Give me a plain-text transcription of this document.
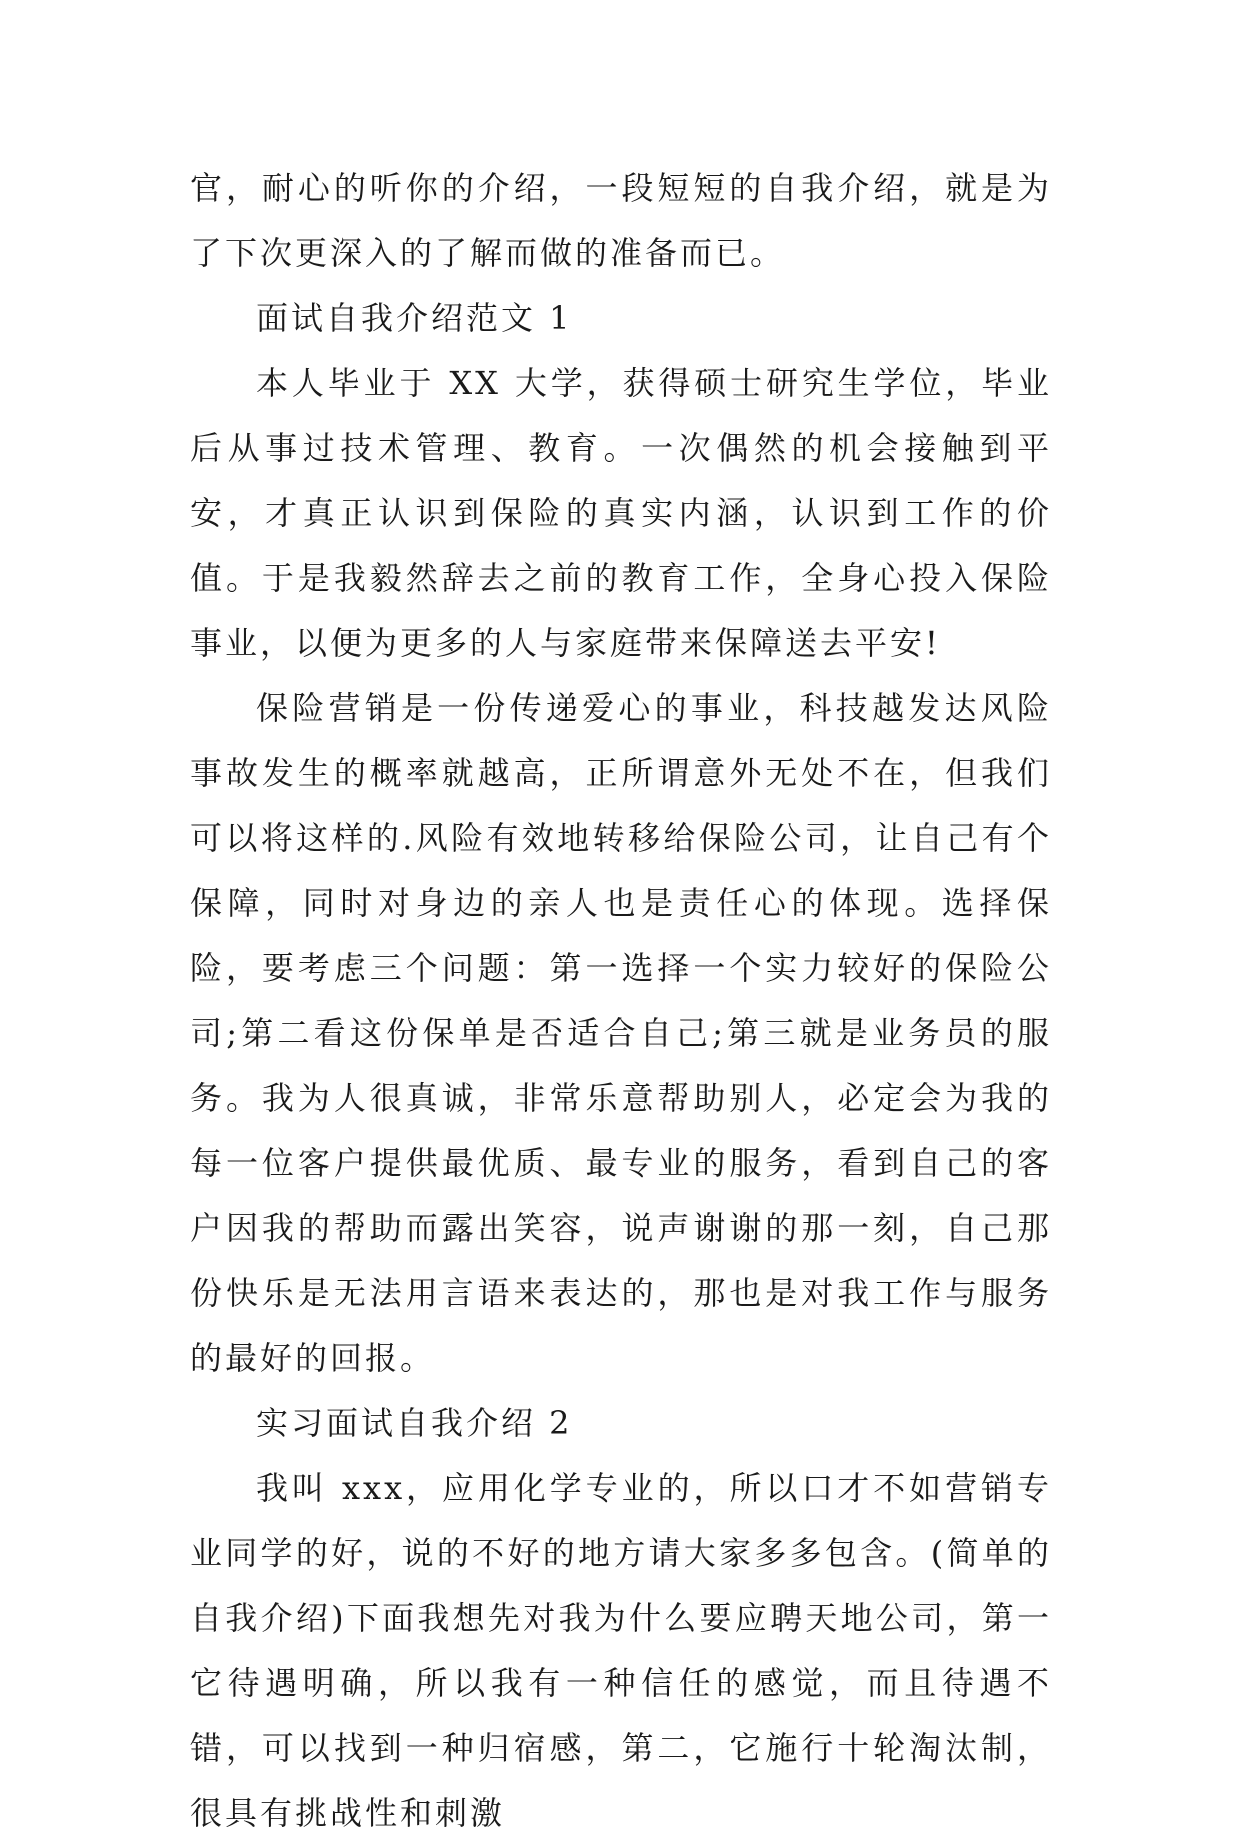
官，耐心的听你的介绍，一段短短的自我介绍，就是为了下次更深入的了解而做的准备而已。

面试自我介绍范文 1

本人毕业于 XX 大学，获得硕士研究生学位，毕业后从事过技术管理、教育。一次偶然的机会接触到平安，才真正认识到保险的真实内涵，认识到工作的价值。于是我毅然辞去之前的教育工作，全身心投入保险事业，以便为更多的人与家庭带来保障送去平安!

保险营销是一份传递爱心的事业，科技越发达风险事故发生的概率就越高，正所谓意外无处不在，但我们可以将这样的.风险有效地转移给保险公司，让自己有个保障，同时对身边的亲人也是责任心的体现。选择保险，要考虑三个问题：第一选择一个实力较好的保险公司;第二看这份保单是否适合自己;第三就是业务员的服务。我为人很真诚，非常乐意帮助别人，必定会为我的每一位客户提供最优质、最专业的服务，看到自己的客户因我的帮助而露出笑容，说声谢谢的那一刻，自己那份快乐是无法用言语来表达的，那也是对我工作与服务的最好的回报。

实习面试自我介绍 2

我叫 xxx，应用化学专业的，所以口才不如营销专业同学的好，说的不好的地方请大家多多包含。(简单的自我介绍)下面我想先对我为什么要应聘天地公司，第一它待遇明确，所以我有一种信任的感觉，而且待遇不错，可以找到一种归宿感，第二，它施行十轮淘汰制，很具有挑战性和刺激
